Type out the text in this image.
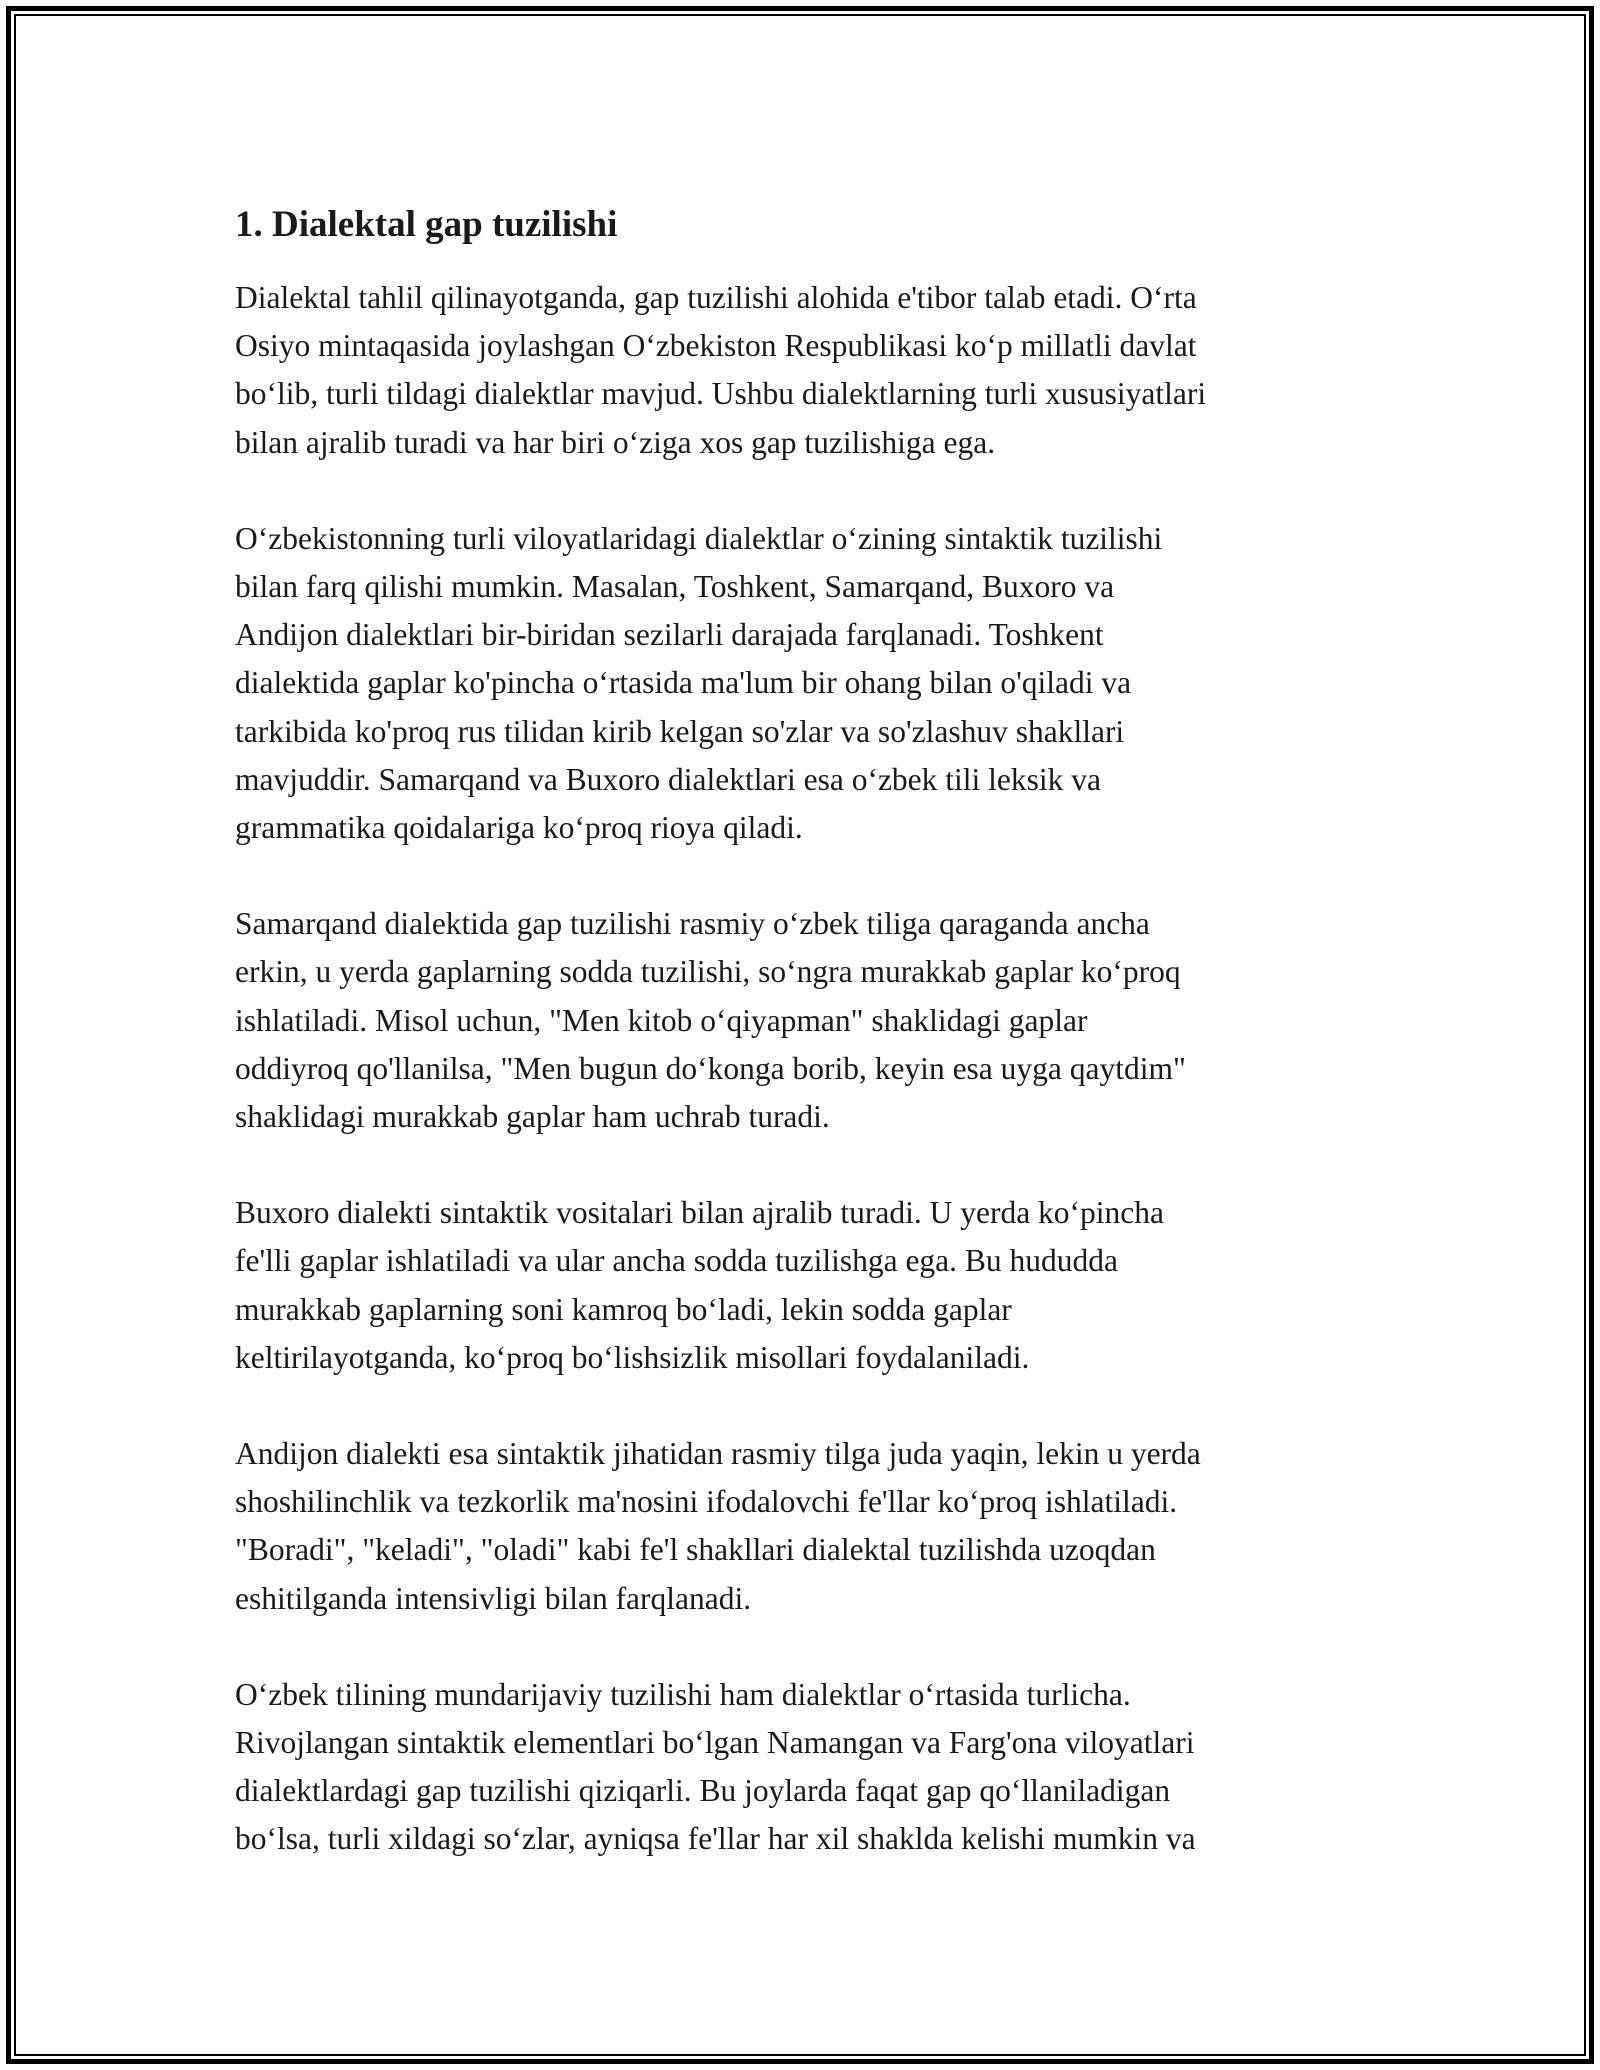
1. Dialektal gap tuzilishi

Dialektal tahlil qilinayotganda, gap tuzilishi alohida e'tibor talab etadi. O‘rta
Osiyo mintaqasida joylashgan O‘zbekiston Respublikasi ko‘p millatli davlat
bo‘lib, turli tildagi dialektlar mavjud. Ushbu dialektlarning turli xususiyatlari
bilan ajralib turadi va har biri o‘ziga xos gap tuzilishiga ega.

O‘zbekistonning turli viloyatlaridagi dialektlar o‘zining sintaktik tuzilishi
bilan farq qilishi mumkin. Masalan, Toshkent, Samarqand, Buxoro va
Andijon dialektlari bir-biridan sezilarli darajada farqlanadi. Toshkent
dialektida gaplar ko'pincha o‘rtasida ma'lum bir ohang bilan o'qiladi va
tarkibida ko'proq rus tilidan kirib kelgan so'zlar va so'zlashuv shakllari
mavjuddir. Samarqand va Buxoro dialektlari esa o‘zbek tili leksik va
grammatika qoidalariga ko‘proq rioya qiladi.

Samarqand dialektida gap tuzilishi rasmiy o‘zbek tiliga qaraganda ancha
erkin, u yerda gaplarning sodda tuzilishi, so‘ngra murakkab gaplar ko‘proq
ishlatiladi. Misol uchun, "Men kitob o‘qiyapman" shaklidagi gaplar
oddiyroq qo'llanilsa, "Men bugun do‘konga borib, keyin esa uyga qaytdim"
shaklidagi murakkab gaplar ham uchrab turadi.

Buxoro dialekti sintaktik vositalari bilan ajralib turadi. U yerda ko‘pincha
fe'lli gaplar ishlatiladi va ular ancha sodda tuzilishga ega. Bu hududda
murakkab gaplarning soni kamroq bo‘ladi, lekin sodda gaplar
keltirilayotganda, ko‘proq bo‘lishsizlik misollari foydalaniladi.

Andijon dialekti esa sintaktik jihatidan rasmiy tilga juda yaqin, lekin u yerda
shoshilinchlik va tezkorlik ma'nosini ifodalovchi fe'llar ko‘proq ishlatiladi.
"Boradi", "keladi", "oladi" kabi fe'l shakllari dialektal tuzilishda uzoqdan
eshitilganda intensivligi bilan farqlanadi.

O‘zbek tilining mundarijaviy tuzilishi ham dialektlar o‘rtasida turlicha.
Rivojlangan sintaktik elementlari bo‘lgan Namangan va Farg'ona viloyatlari
dialektlardagi gap tuzilishi qiziqarli. Bu joylarda faqat gap qo‘llaniladigan
bo‘lsa, turli xildagi so‘zlar, ayniqsa fe'llar har xil shaklda kelishi mumkin va
